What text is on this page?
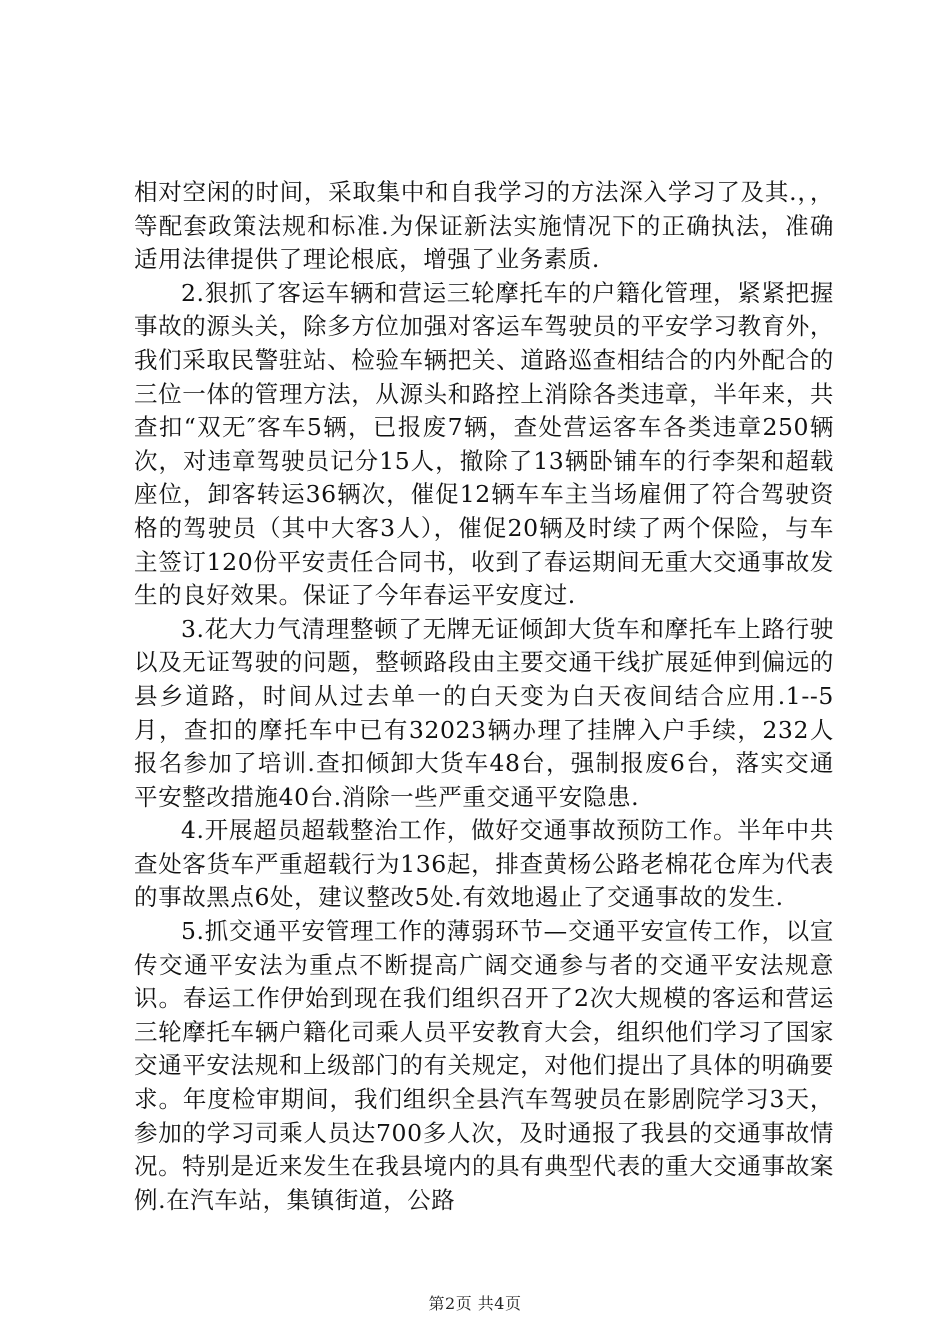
相对空闲的时间，采取集中和自我学习的方法深入学习了及其.，，等配套政策法规和标准.为保证新法实施情况下的正确执法，准确适用法律提供了理论根底，增强了业务素质.

2.狠抓了客运车辆和营运三轮摩托车的户籍化管理，紧紧把握事故的源头关，除多方位加强对客运车驾驶员的平安学习教育外，我们采取民警驻站、检验车辆把关、道路巡查相结合的内外配合的三位一体的管理方法，从源头和路控上消除各类违章，半年来，共查扣“双无″客车5辆，已报废7辆，查处营运客车各类违章250辆次，对违章驾驶员记分15人，撤除了13辆卧铺车的行李架和超载座位，卸客转运36辆次，催促12辆车车主当场雇佣了符合驾驶资格的驾驶员（其中大客3人），催促20辆及时续了两个保险，与车主签订120份平安责任合同书，收到了春运期间无重大交通事故发生的良好效果。保证了今年春运平安度过.

3.花大力气清理整顿了无牌无证倾卸大货车和摩托车上路行驶以及无证驾驶的问题，整顿路段由主要交通干线扩展延伸到偏远的县乡道路，时间从过去单一的白天变为白天夜间结合应用.1--5月，查扣的摩托车中已有32023辆办理了挂牌入户手续，232人报名参加了培训.查扣倾卸大货车48台，强制报废6台，落实交通平安整改措施40台.消除一些严重交通平安隐患.

4.开展超员超载整治工作，做好交通事故预防工作。半年中共查处客货车严重超载行为136起，排查黄杨公路老棉花仓库为代表的事故黑点6处，建议整改5处.有效地遏止了交通事故的发生.

5.抓交通平安管理工作的薄弱环节—交通平安宣传工作，以宣传交通平安法为重点不断提高广阔交通参与者的交通平安法规意识。春运工作伊始到现在我们组织召开了2次大规模的客运和营运三轮摩托车辆户籍化司乘人员平安教育大会，组织他们学习了国家交通平安法规和上级部门的有关规定，对他们提出了具体的明确要求。年度检审期间，我们组织全县汽车驾驶员在影剧院学习3天，参加的学习司乘人员达700多人次，及时通报了我县的交通事故情况。特别是近来发生在我县境内的具有典型代表的重大交通事故案例.在汽车站，集镇街道，公路

第2页 共4页
